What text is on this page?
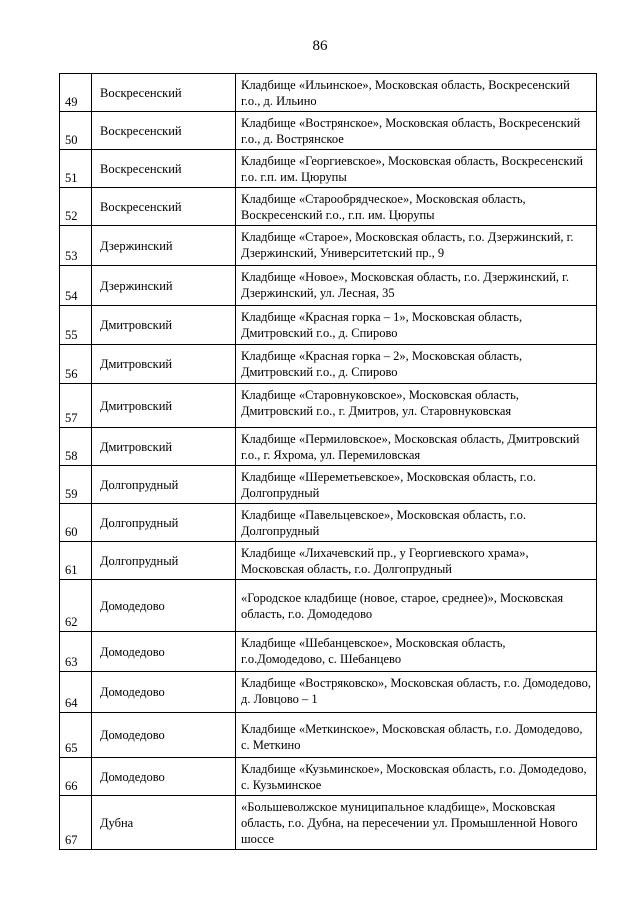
86
49	Воскресенский	Кладбище «Ильинское», Московская область, Воскресенский г.о., д. Ильино
50	Воскресенский	Кладбище «Вострянское», Московская область, Воскресенский г.о., д. Вострянское
51	Воскресенский	Кладбище «Георгиевское», Московская область, Воскресенский г.о. г.п. им. Цюрупы
52	Воскресенский	Кладбище «Старообрядческое», Московская область, Воскресенский г.о., г.п. им. Цюрупы
53	Дзержинский	Кладбище «Старое», Московская область, г.о. Дзержинский, г. Дзержинский, Университетский пр., 9
54	Дзержинский	Кладбище «Новое», Московская область, г.о. Дзержинский, г. Дзержинский, ул. Лесная, 35
55	Дмитровский	Кладбище «Красная горка – 1», Московская область, Дмитровский г.о., д. Спирово
56	Дмитровский	Кладбище «Красная горка – 2», Московская область, Дмитровский г.о., д. Спирово
57	Дмитровский	Кладбище «Старовнуковское», Московская область, Дмитровский г.о., г. Дмитров, ул. Старовнуковская
58	Дмитровский	Кладбище «Пермиловское», Московская область, Дмитровский г.о., г. Яхрома, ул. Перемиловская
59	Долгопрудный	Кладбище «Шереметьевское», Московская область, г.о. Долгопрудный
60	Долгопрудный	Кладбище «Павельцевское», Московская область, г.о. Долгопрудный
61	Долгопрудный	Кладбище «Лихачевский пр., у Георгиевского храма», Московская область, г.о. Долгопрудный
62	Домодедово	«Городское кладбище (новое, старое, среднее)», Московская область, г.о. Домодедово
63	Домодедово	Кладбище «Шебанцевское», Московская область, г.о.Домодедово, с. Шебанцево
64	Домодедово	Кладбище «Востряковско», Московская область, г.о. Домодедово, д. Ловцово – 1
65	Домодедово	Кладбище «Меткинское», Московская область, г.о. Домодедово, с. Меткино
66	Домодедово	Кладбище «Кузьминское», Московская область, г.о. Домодедово, с. Кузьминское
67	Дубна	«Большеволжское муниципальное кладбище», Московская область, г.о. Дубна, на пересечении ул. Промышленной Нового шоссе
